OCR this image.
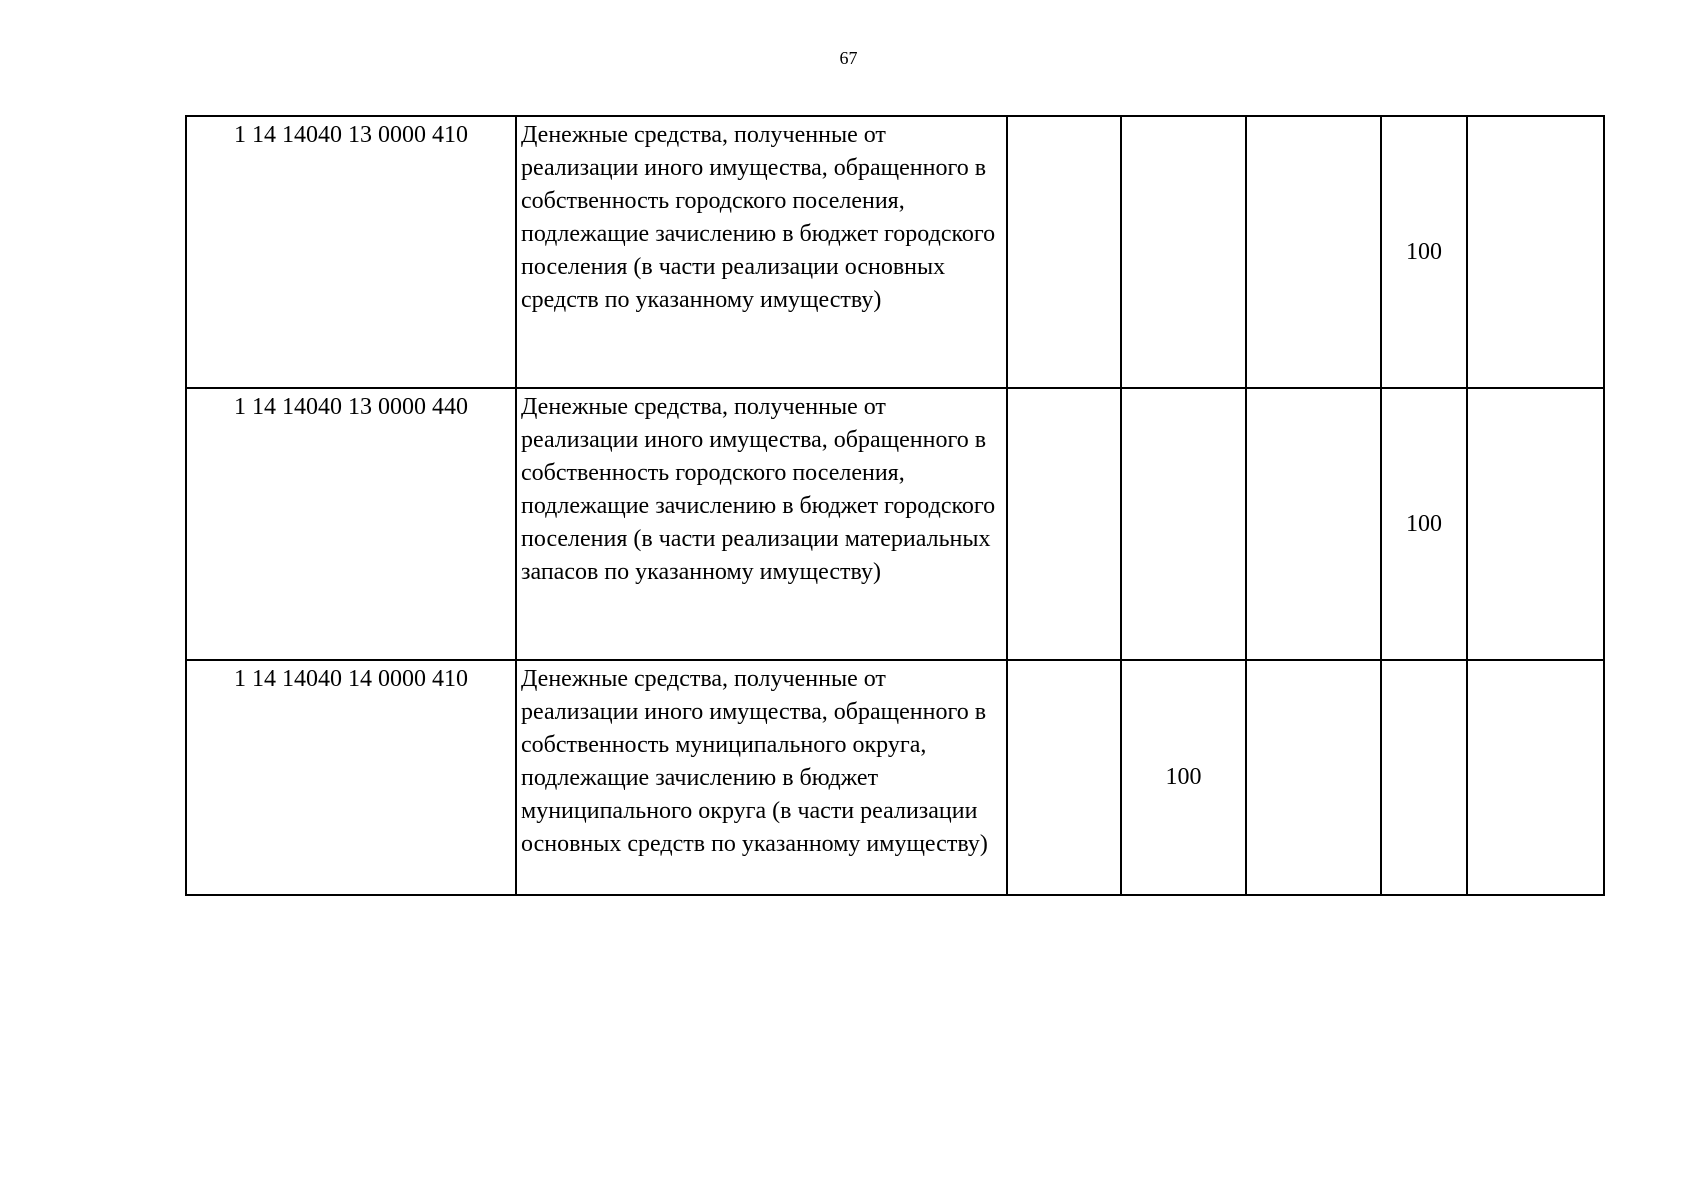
67
1 14 14040 13 0000 410	Денежные средства, полученные от реализации иного имущества, обращенного в собственность городского поселения, подлежащие зачислению в бюджет городского поселения (в части реализации основных средств по указанному имуществу)				100	
1 14 14040 13 0000 440	Денежные средства, полученные от реализации иного имущества, обращенного в собственность городского поселения, подлежащие зачислению в бюджет городского поселения (в части реализации материальных запасов по указанному имуществу)				100	
1 14 14040 14 0000 410	Денежные средства, полученные от реализации иного имущества, обращенного в собственность муниципального округа, подлежащие зачислению в бюджет муниципального округа (в части реализации основных средств по указанному имуществу)		100			
